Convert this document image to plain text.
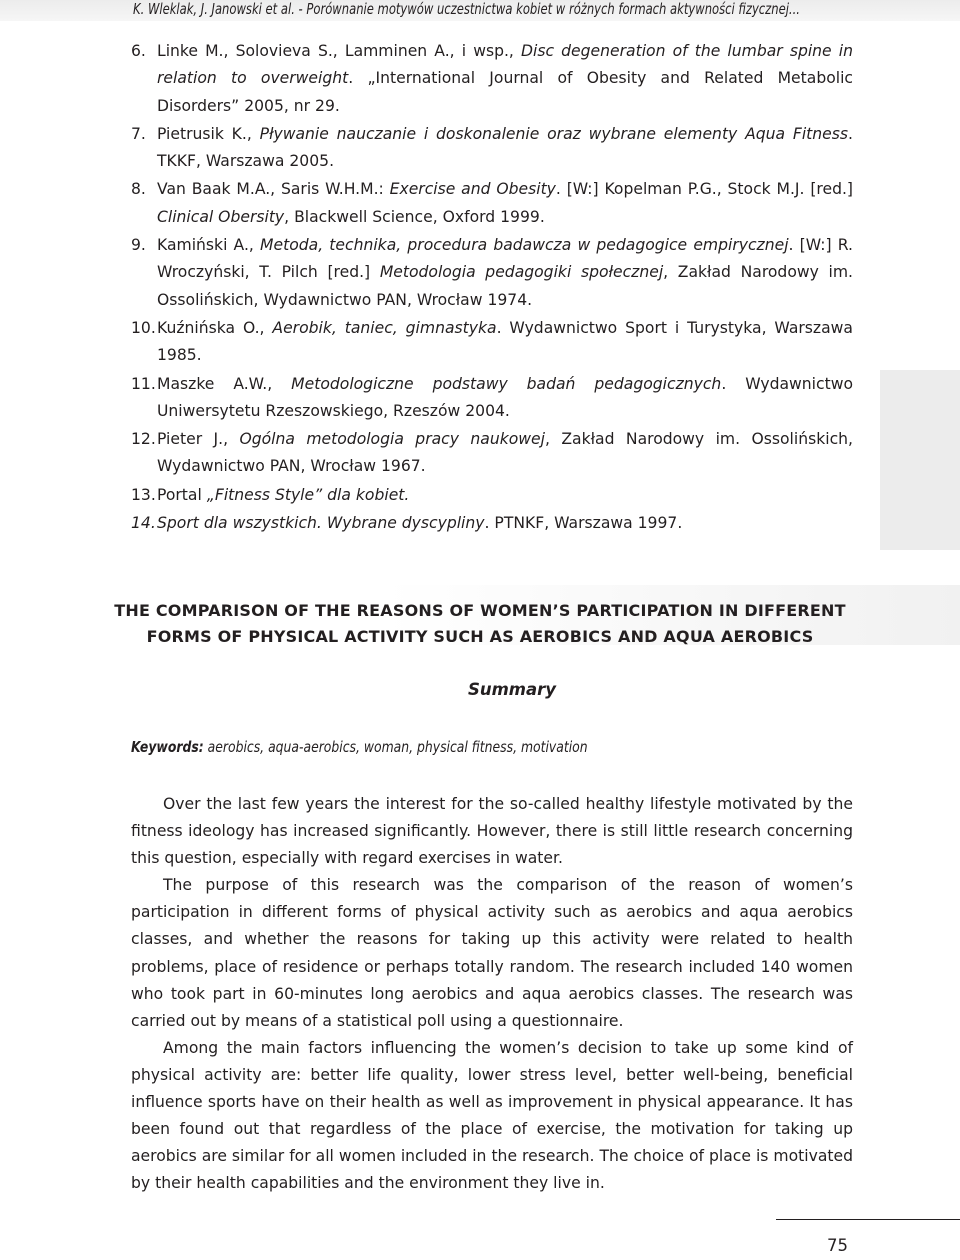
K. Wleklak, J. Janowski et al. - Porównanie motywów uczestnictwa kobiet w różnych formach aktywności fizycznej...
6. Linke M., Solovieva S., Lamminen A., i wsp., Disc degeneration of the lumbar spine in relation to overweight. „International Journal of Obesity and Related Metabolic Disorders” 2005, nr 29.
7. Pietrusik K., Pływanie nauczanie i doskonalenie oraz wybrane elementy Aqua Fitness. TKKF, Warszawa 2005.
8. Van Baak M.A., Saris W.H.M.: Exercise and Obesity. [W:] Kopelman P.G., Stock M.J. [red.] Clinical Obersity, Blackwell Science, Oxford 1999.
9. Kamiński A., Metoda, technika, procedura badawcza w pedagogice empirycznej. [W:] R. Wroczyński, T. Pilch [red.] Metodologia pedagogiki społecznej, Zakład Narodowy im. Ossolińskich, Wydawnictwo PAN, Wrocław 1974.
10. Kuźnińska O., Aerobik, taniec, gimnastyka. Wydawnictwo Sport i Turystyka, Warszawa 1985.
11. Maszke A.W., Metodologiczne podstawy badań pedagogicznych. Wydawnictwo Uniwersytetu Rzeszowskiego, Rzeszów 2004.
12. Pieter J., Ogólna metodologia pracy naukowej, Zakład Narodowy im. Ossolińskich, Wydawnictwo PAN, Wrocław 1967.
13. Portal „Fitness Style” dla kobiet.
14. Sport dla wszystkich. Wybrane dyscypliny. PTNKF, Warszawa 1997.
THE COMPARISON OF THE REASONS OF WOMEN’S PARTICIPATION IN DIFFERENT
FORMS OF PHYSICAL ACTIVITY SUCH AS AEROBICS AND AQUA AEROBICS
Summary
Keywords: aerobics, aqua-aerobics, woman, physical fitness, motivation

Over the last few years the interest for the so-called healthy lifestyle motivated by the fitness ideology has increased significantly. However, there is still little research concerning this question, especially with regard exercises in water.

The purpose of this research was the comparison of the reason of women’s participation in different forms of physical activity such as aerobics and aqua aerobics classes, and whether the reasons for taking up this activity were related to health problems, place of residence or perhaps totally random. The research included 140 women who took part in 60-minutes long aerobics and aqua aerobics classes. The research was carried out by means of a statistical poll using a questionnaire.

Among the main factors influencing the women’s decision to take up some kind of physical activity are: better life quality, lower stress level, better well-being, beneficial influence sports have on their health as well as improvement in physical appearance. It has been found out that regardless of the place of exercise, the motivation for taking up aerobics are similar for all women included in the research. The choice of place is motivated by their health capabilities and the environment they live in.

75
